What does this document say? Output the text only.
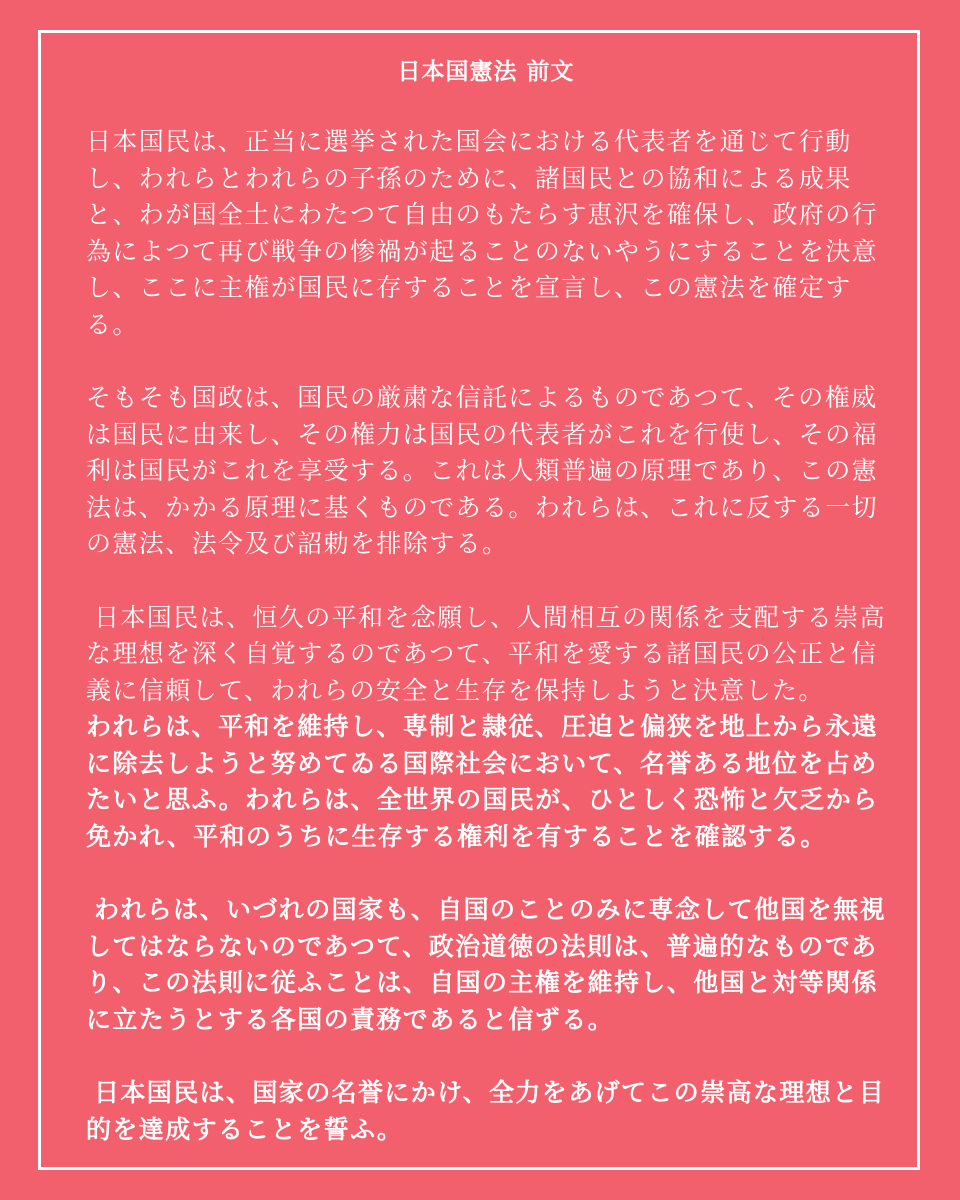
日本国憲法 前文
日本国民は、正当に選挙された国会における代表者を通じて行動し、われらとわれらの子孫のために、諸国民との協和による成果と、わが国全土にわたつて自由のもたらす恵沢を確保し、政府の行為によつて再び戦争の惨禍が起ることのないやうにすることを決意し、ここに主権が国民に存することを宣言し、この憲法を確定する。
そもそも国政は、国民の厳粛な信託によるものであつて、その権威は国民に由来し、その権力は国民の代表者がこれを行使し、その福利は国民がこれを享受する。これは人類普遍の原理であり、この憲法は、かかる原理に基くものである。われらは、これに反する一切の憲法、法令及び詔勅を排除する。
日本国民は、恒久の平和を念願し、人間相互の関係を支配する崇高な理想を深く自覚するのであつて、平和を愛する諸国民の公正と信義に信頼して、われらの安全と生存を保持しようと決意した。
われらは、平和を維持し、専制と隷従、圧迫と偏狭を地上から永遠に除去しようと努めてゐる国際社会において、名誉ある地位を占めたいと思ふ。われらは、全世界の国民が、ひとしく恐怖と欠乏から免かれ、平和のうちに生存する権利を有することを確認する。
われらは、いづれの国家も、自国のことのみに専念して他国を無視してはならないのであつて、政治道徳の法則は、普遍的なものであり、この法則に従ふことは、自国の主権を維持し、他国と対等関係に立たうとする各国の責務であると信ずる。
日本国民は、国家の名誉にかけ、全力をあげてこの崇高な理想と目的を達成することを誓ふ。
